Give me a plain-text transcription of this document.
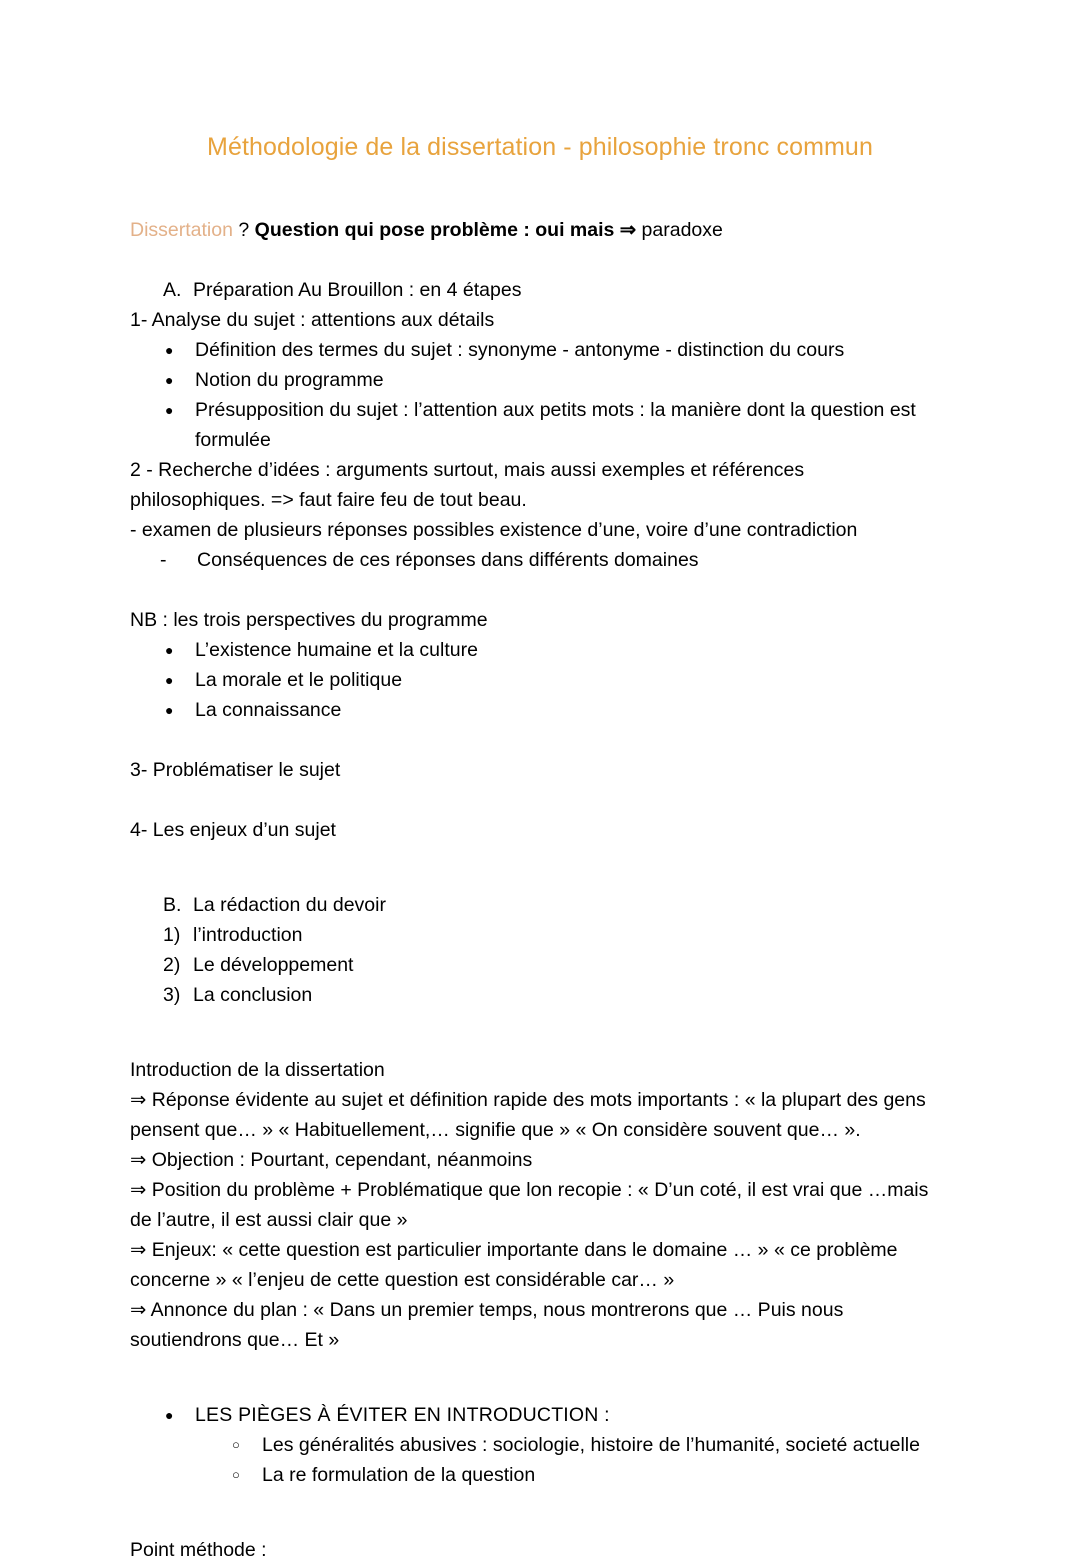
Méthodologie de la dissertation - philosophie tronc commun

Dissertation ? Question qui pose problème : oui mais ⇒ paradoxe

A. Préparation Au Brouillon : en 4 étapes

1- Analyse du sujet : attentions aux détails

●	Définition des termes du sujet : synonyme - antonyme - distinction du cours
●	Notion du programme
●	Présupposition du sujet : l’attention aux petits mots : la manière dont la question est formulée

2 - Recherche d’idées : arguments surtout, mais aussi exemples et références

philosophiques. => faut faire feu de tout beau.

- examen de plusieurs réponses possibles existence d’une, voire d’une contradiction

-	Conséquences de ces réponses dans différents domaines

NB : les trois perspectives du programme

●	L’existence humaine et la culture
●	La morale et le politique
●	La connaissance

3- Problématiser le sujet

4- Les enjeux d’un sujet

B. La rédaction du devoir
1) l’introduction
2) Le développement
3) La conclusion

Introduction de la dissertation

⇒ Réponse évidente au sujet et définition rapide des mots importants : « la plupart des gens pensent que… » « Habituellement,… signifie que » « On considère souvent que… ».

⇒ Objection : Pourtant, cependant, néanmoins

⇒ Position du problème + Problématique que lon recopie : « D’un coté, il est vrai que …mais de l’autre, il est aussi clair que »

⇒ Enjeux: « cette question est particulier importante dans le domaine … » « ce problème concerne » « l’enjeu de cette question est considérable car… »

⇒ Annonce du plan : « Dans un premier temps, nous montrerons que … Puis nous soutiendrons que… Et »

●	LES PIÈGES À ÉVITER EN INTRODUCTION :
○	Les généralités abusives : sociologie, histoire de l’humanité, societé actuelle
○	La re formulation de la question

Point méthode :
